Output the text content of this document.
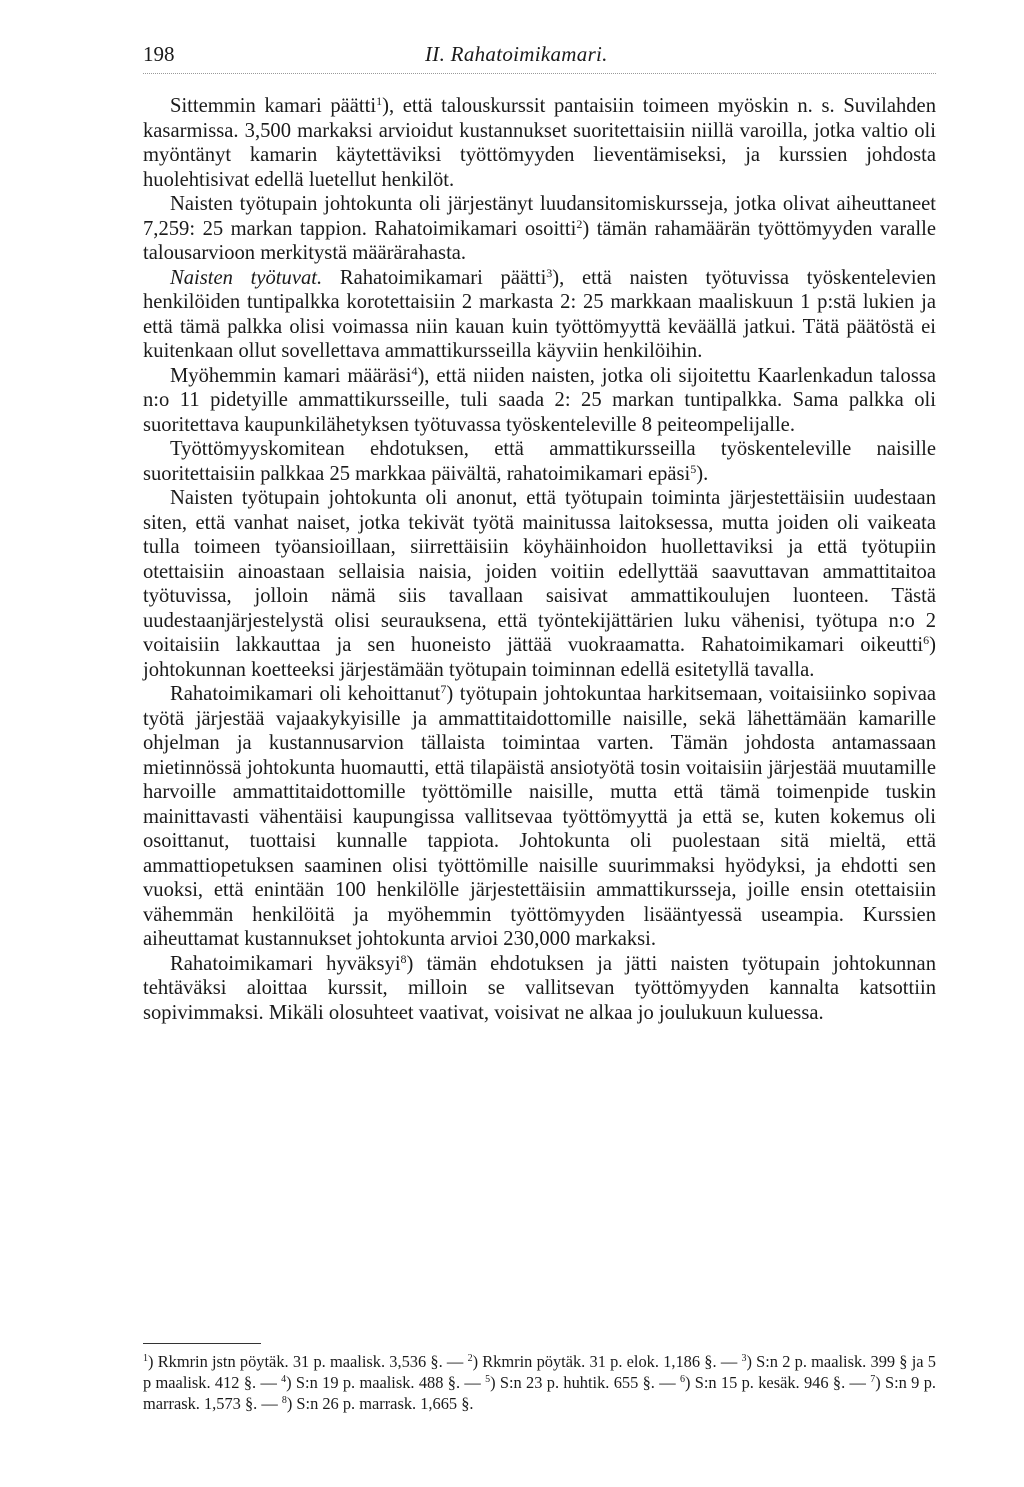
198	II. Rahatoimikamari.

Sittemmin kamari päätti$^1$), että talouskurssit pantaisiin toimeen myöskin n. s. Suvilahden kasarmissa. 3,500 markaksi arvioidut kustannukset suoritettaisiin niillä varoilla, jotka valtio oli myöntänyt kamarin käytettäviksi työttömyyden lieventämiseksi, ja kurssien johdosta huolehtisivat edellä luetellut henkilöt.

Naisten työtupain johtokunta oli järjestänyt luudansitomiskursseja, jotka olivat aiheuttaneet 7,259: 25 markan tappion. Rahatoimikamari osoitti$^2$) tämän rahamäärän työttömyyden varalle talousarvioon merkitystä määrärahasta.

Naisten työtuvat. Rahatoimikamari päätti$^3$), että naisten työtuvissa työskentelevien henkilöiden tuntipalkka korotettaisiin 2 markasta 2: 25 markkaan maaliskuun 1 p:stä lukien ja että tämä palkka olisi voimassa niin kauan kuin työttömyyttä keväällä jatkui. Tätä päätöstä ei kuitenkaan ollut sovellettava ammattikursseilla käyviin henkilöihin.

Myöhemmin kamari määräsi$^4$), että niiden naisten, jotka oli sijoitettu Kaarlenkadun talossa n:o 11 pidetyille ammattikursseille, tuli saada 2: 25 markan tuntipalkka. Sama palkka oli suoritettava kaupunkilähetyksen työtuvassa työskenteleville 8 peiteompelijalle.

Työttömyyskomitean ehdotuksen, että ammattikursseilla työskenteleville naisille suoritettaisiin palkkaa 25 markkaa päivältä, rahatoimikamari epäsi$^5$).

Naisten työtupain johtokunta oli anonut, että työtupain toiminta järjestettäisiin uudestaan siten, että vanhat naiset, jotka tekivät työtä mainitussa laitoksessa, mutta joiden oli vaikeata tulla toimeen työansioillaan, siirrettäisiin köyhäinhoidon huollettaviksi ja että työtupiin otettaisiin ainoastaan sellaisia naisia, joiden voitiin edellyttää saavuttavan ammattitaitoa työtuvissa, jolloin nämä siis tavallaan saisivat ammattikoulujen luonteen. Tästä uudestaanjärjestelystä olisi seurauksena, että työntekijättärien luku vähenisi, työtupa n:o 2 voitaisiin lakkauttaa ja sen huoneisto jättää vuokraamatta. Rahatoimikamari oikeutti$^6$) johtokunnan koetteeksi järjestämään työtupain toiminnan edellä esitetyllä tavalla.

Rahatoimikamari oli kehoittanut$^7$) työtupain johtokuntaa harkitsemaan, voitaisiinko sopivaa työtä järjestää vajaakykyisille ja ammattitaidottomille naisille, sekä lähettämään kamarille ohjelman ja kustannusarvion tällaista toimintaa varten. Tämän johdosta antamassaan mietinnössä johtokunta huomautti, että tilapäistä ansiotyötä tosin voitaisiin järjestää muutamille harvoille ammattitaidottomille työttömille naisille, mutta että tämä toimenpide tuskin mainittavasti vähentäisi kaupungissa vallitsevaa työttömyyttä ja että se, kuten kokemus oli osoittanut, tuottaisi kunnalle tappiota. Johtokunta oli puolestaan sitä mieltä, että ammattiopetuksen saaminen olisi työttömille naisille suurimmaksi hyödyksi, ja ehdotti sen vuoksi, että enintään 100 henkilölle järjestettäisiin ammattikursseja, joille ensin otettaisiin vähemmän henkilöitä ja myöhemmin työttömyyden lisääntyessä useampia. Kurssien aiheuttamat kustannukset johtokunta arvioi 230,000 markaksi.

Rahatoimikamari hyväksyi$^8$) tämän ehdotuksen ja jätti naisten työtupain johtokunnan tehtäväksi aloittaa kurssit, milloin se vallitsevan työttömyyden kannalta katsottiin sopivimmaksi. Mikäli olosuhteet vaativat, voisivat ne alkaa jo joulukuun kuluessa.

$^1$) Rkmrin jstn pöytäk. 31 p. maalisk. 3,536 §. — $^2$) Rkmrin pöytäk. 31 p. elok. 1,186 §. — $^3$) S:n 2 p. maalisk. 399 § ja 5 p maalisk. 412 §. — $^4$) S:n 19 p. maalisk. 488 §. — $^5$) S:n 23 p. huhtik. 655 §. — $^6$) S:n 15 p. kesäk. 946 §. — $^7$) S:n 9 p. marrask. 1,573 §. — $^8$) S:n 26 p. marrask. 1,665 §.
